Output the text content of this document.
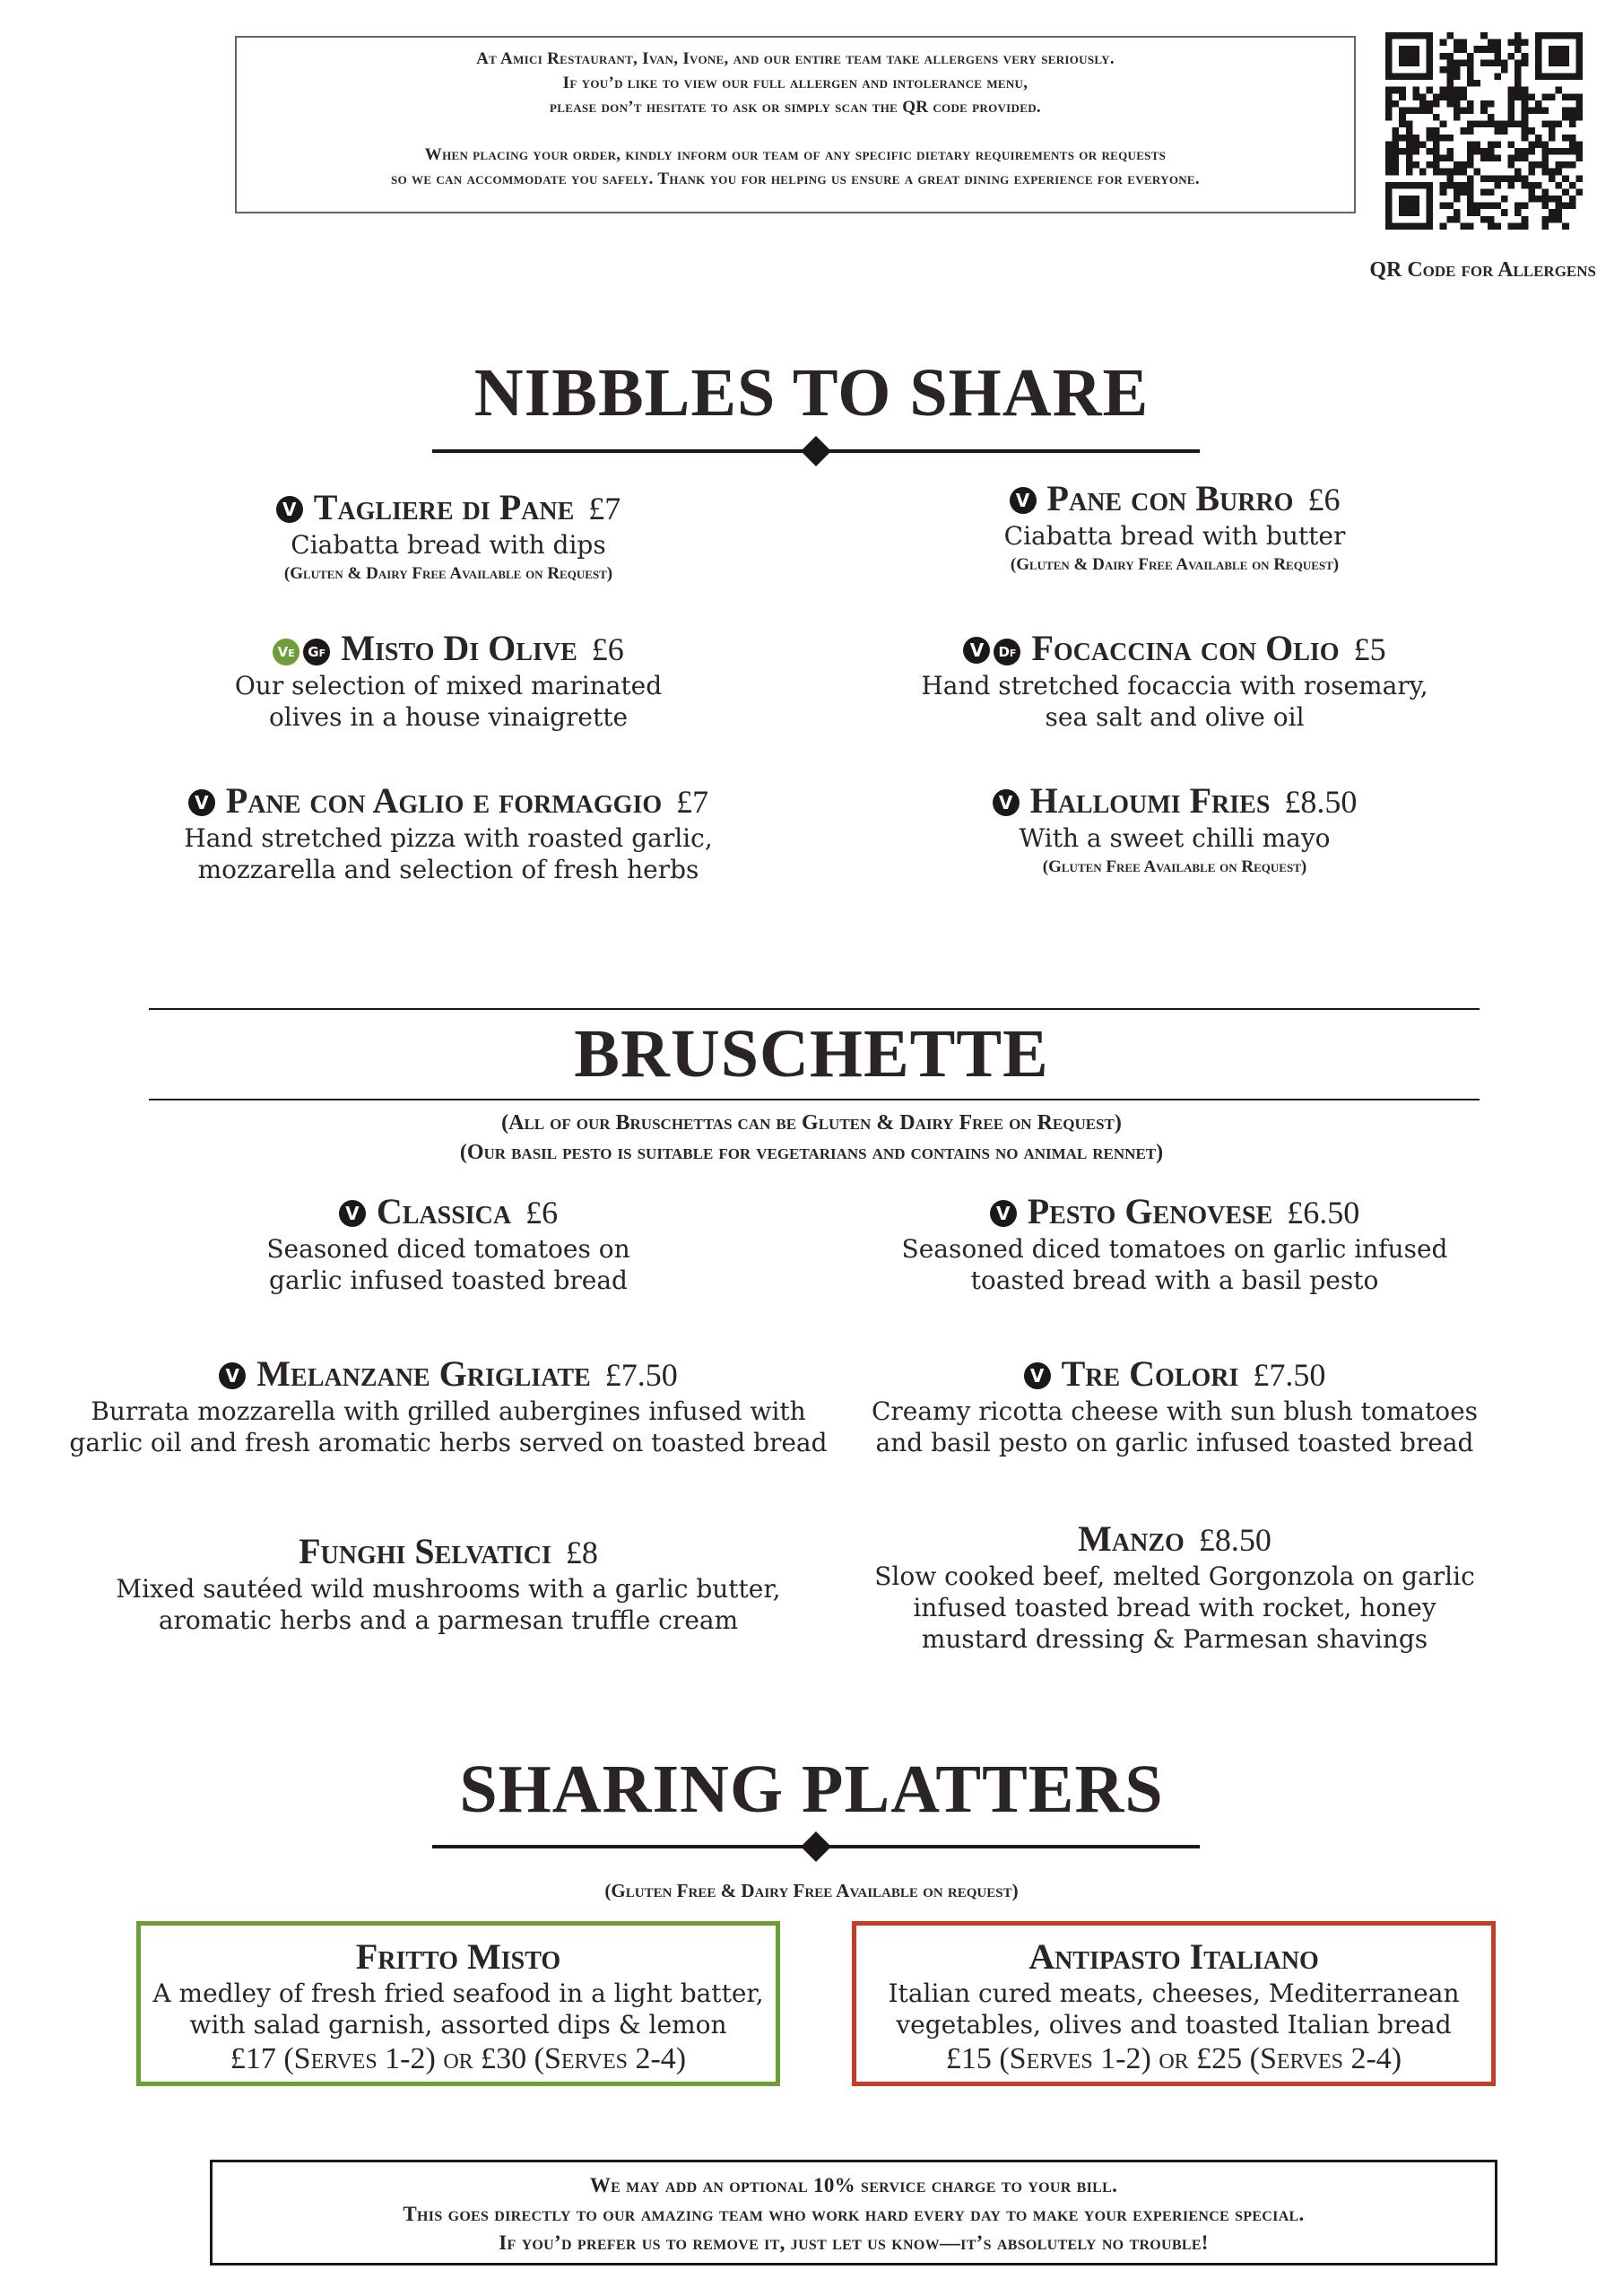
At Amici Restaurant, Ivan, Ivone, and our entire team take allergens very seriously.

If you’d like to view our full allergen and intolerance menu,

please don’t hesitate to ask or simply scan the QR code provided.

When placing your order, kindly inform our team of any specific dietary requirements or requests

so we can accommodate you safely. Thank you for helping us ensure a great dining experience for everyone.

QR Code for Allergens
NIBBLES TO SHARE
V Tagliere di Pane £7
Ciabatta bread with dips
(Gluten & Dairy Free Available on Request)
V Pane con Burro £6
Ciabatta bread with butter
(Gluten & Dairy Free Available on Request)
Ve Gf Misto Di Olive £6
Our selection of mixed marinated
olives in a house vinaigrette
V Df Focaccina con Olio £5
Hand stretched focaccia with rosemary,
sea salt and olive oil
V Pane con Aglio e formaggio £7
Hand stretched pizza with roasted garlic,
mozzarella and selection of fresh herbs
V Halloumi Fries £8.50
With a sweet chilli mayo
(Gluten Free Available on Request)
BRUSCHETTE
(All of our Bruschettas can be Gluten & Dairy Free on Request)
(Our basil pesto is suitable for vegetarians and contains no animal rennet)
V Classica £6
Seasoned diced tomatoes on
garlic infused toasted bread
V Pesto Genovese £6.50
Seasoned diced tomatoes on garlic infused
toasted bread with a basil pesto
V Melanzane Grigliate £7.50
Burrata mozzarella with grilled aubergines infused with
garlic oil and fresh aromatic herbs served on toasted bread
V Tre Colori £7.50
Creamy ricotta cheese with sun blush tomatoes
and basil pesto on garlic infused toasted bread
Funghi Selvatici £8
Mixed sautéed wild mushrooms with a garlic butter,
aromatic herbs and a parmesan truffle cream
Manzo £8.50
Slow cooked beef, melted Gorgonzola on garlic
infused toasted bread with rocket, honey
mustard dressing & Parmesan shavings
SHARING PLATTERS
(Gluten Free & Dairy Free Available on request)
Fritto Misto
A medley of fresh fried seafood in a light batter,
with salad garnish, assorted dips & lemon
£17 (Serves 1-2) or £30 (Serves 2-4)
Antipasto Italiano
Italian cured meats, cheeses, Mediterranean
vegetables, olives and toasted Italian bread
£15 (Serves 1-2) or £25 (Serves 2-4)

We may add an optional 10% service charge to your bill.

This goes directly to our amazing team who work hard every day to make your experience special.

If you’d prefer us to remove it, just let us know—it’s absolutely no trouble!
